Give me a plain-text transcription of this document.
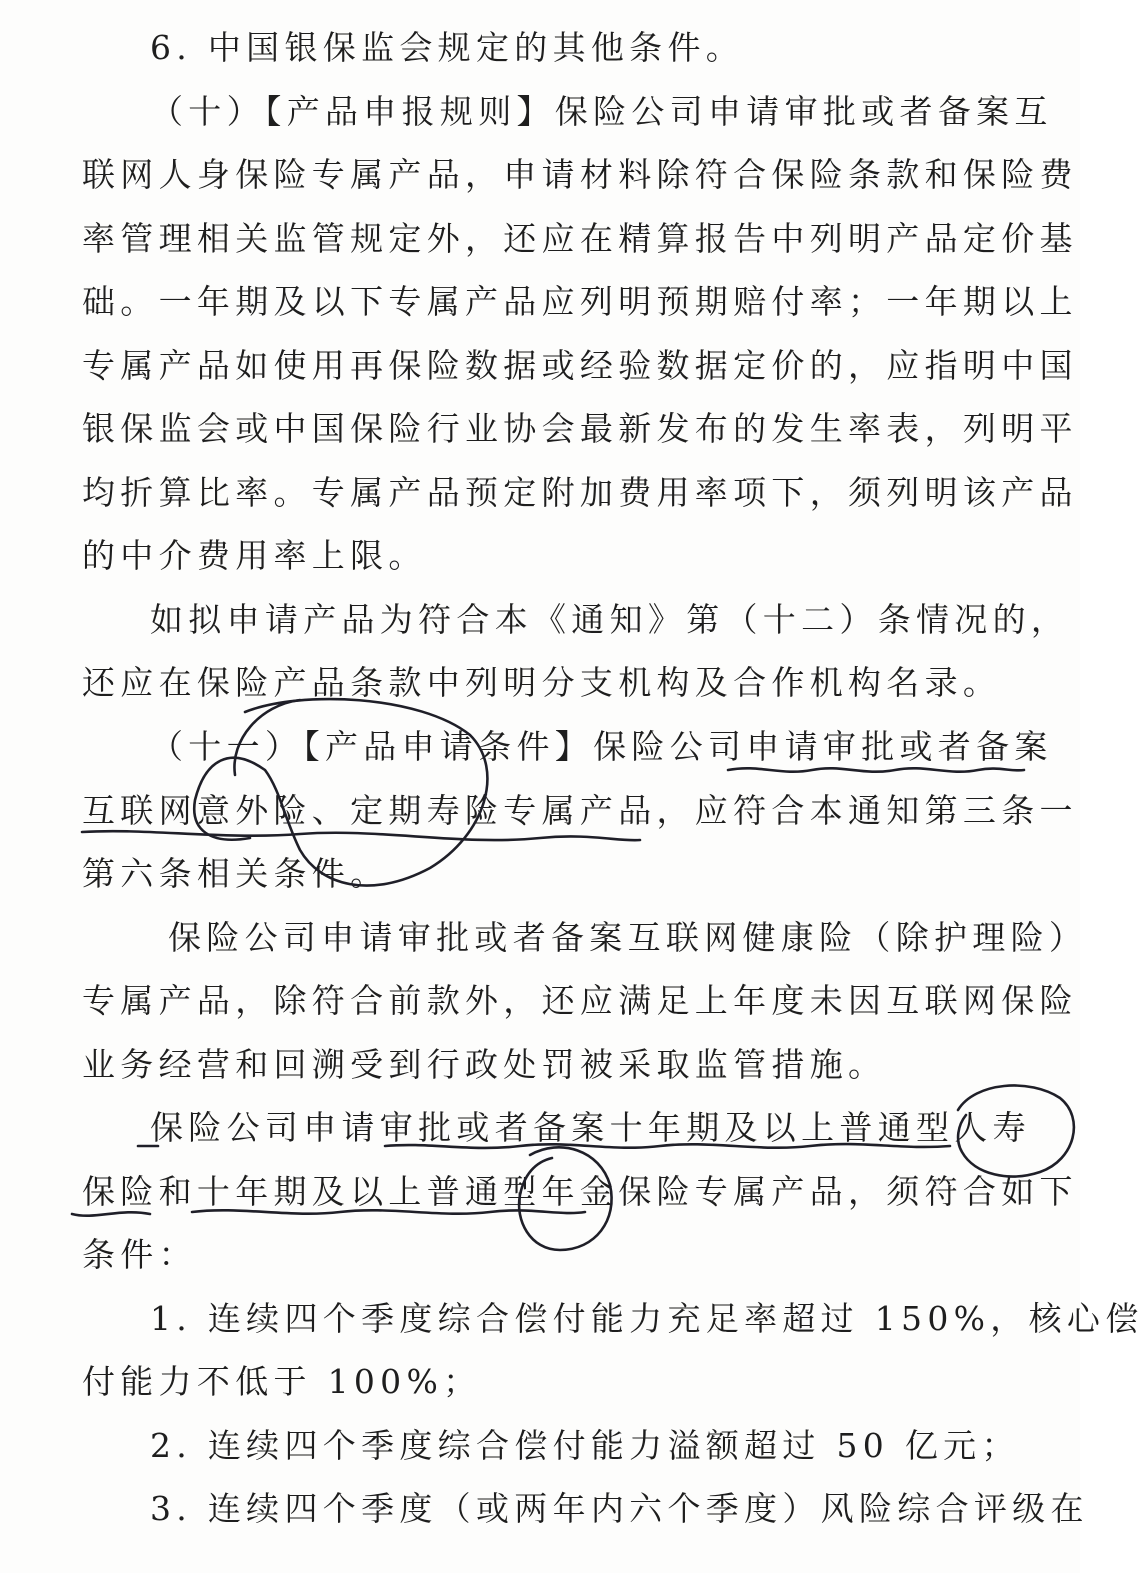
6. 中国银保监会规定的其他条件。
（十）【产品申报规则】保险公司申请审批或者备案互
联网人身保险专属产品，申请材料除符合保险条款和保险费
率管理相关监管规定外，还应在精算报告中列明产品定价基
础。一年期及以下专属产品应列明预期赔付率；一年期以上
专属产品如使用再保险数据或经验数据定价的，应指明中国
银保监会或中国保险行业协会最新发布的发生率表，列明平
均折算比率。专属产品预定附加费用率项下，须列明该产品
的中介费用率上限。
如拟申请产品为符合本《通知》第（十二）条情况的，
还应在保险产品条款中列明分支机构及合作机构名录。
（十一）【产品申请条件】保险公司申请审批或者备案
互联网意外险、定期寿险专属产品，应符合本通知第三条一
第六条相关条件。
保险公司申请审批或者备案互联网健康险（除护理险）
专属产品，除符合前款外，还应满足上年度未因互联网保险
业务经营和回溯受到行政处罚被采取监管措施。
保险公司申请审批或者备案十年期及以上普通型人寿
保险和十年期及以上普通型年金保险专属产品，须符合如下
条件：
1. 连续四个季度综合偿付能力充足率超过 150%，核心偿
付能力不低于 100%；
2. 连续四个季度综合偿付能力溢额超过 50 亿元；
3. 连续四个季度（或两年内六个季度）风险综合评级在
